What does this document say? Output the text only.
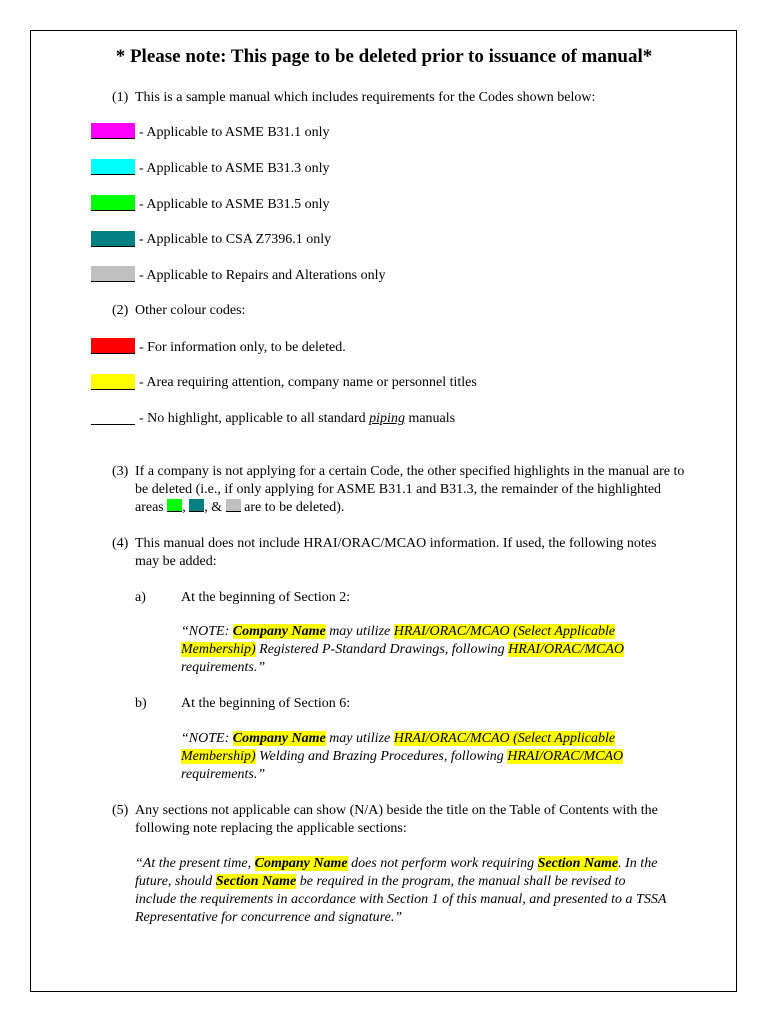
* Please note: This page to be deleted prior to issuance of manual*
(1) This is a sample manual which includes requirements for the Codes shown below:
- Applicable to ASME B31.1 only
- Applicable to ASME B31.3 only
- Applicable to ASME B31.5 only
- Applicable to CSA Z7396.1 only
- Applicable to Repairs and Alterations only
(2) Other colour codes:
- For information only, to be deleted.
- Area requiring attention, company name or personnel titles
- No highlight, applicable to all standard piping manuals
(3) If a company is not applying for a certain Code, the other specified highlights in the manual are to be deleted (i.e., if only applying for ASME B31.1 and B31.3, the remainder of the highlighted areas , , &  are to be deleted).
(4) This manual does not include HRAI/ORAC/MCAO information. If used, the following notes may be added:
a)	At the beginning of Section 2:
“NOTE: Company Name may utilize HRAI/ORAC/MCAO (Select Applicable Membership) Registered P-Standard Drawings, following HRAI/ORAC/MCAO requirements.”
b) At the beginning of Section 6:
“NOTE: Company Name may utilize HRAI/ORAC/MCAO (Select Applicable Membership) Welding and Brazing Procedures, following HRAI/ORAC/MCAO requirements.”
(5) Any sections not applicable can show (N/A) beside the title on the Table of Contents with the following note replacing the applicable sections:
“At the present time, Company Name does not perform work requiring Section Name. In the future, should Section Name be required in the program, the manual shall be revised to include the requirements in accordance with Section 1 of this manual, and presented to a TSSA Representative for concurrence and signature.”
